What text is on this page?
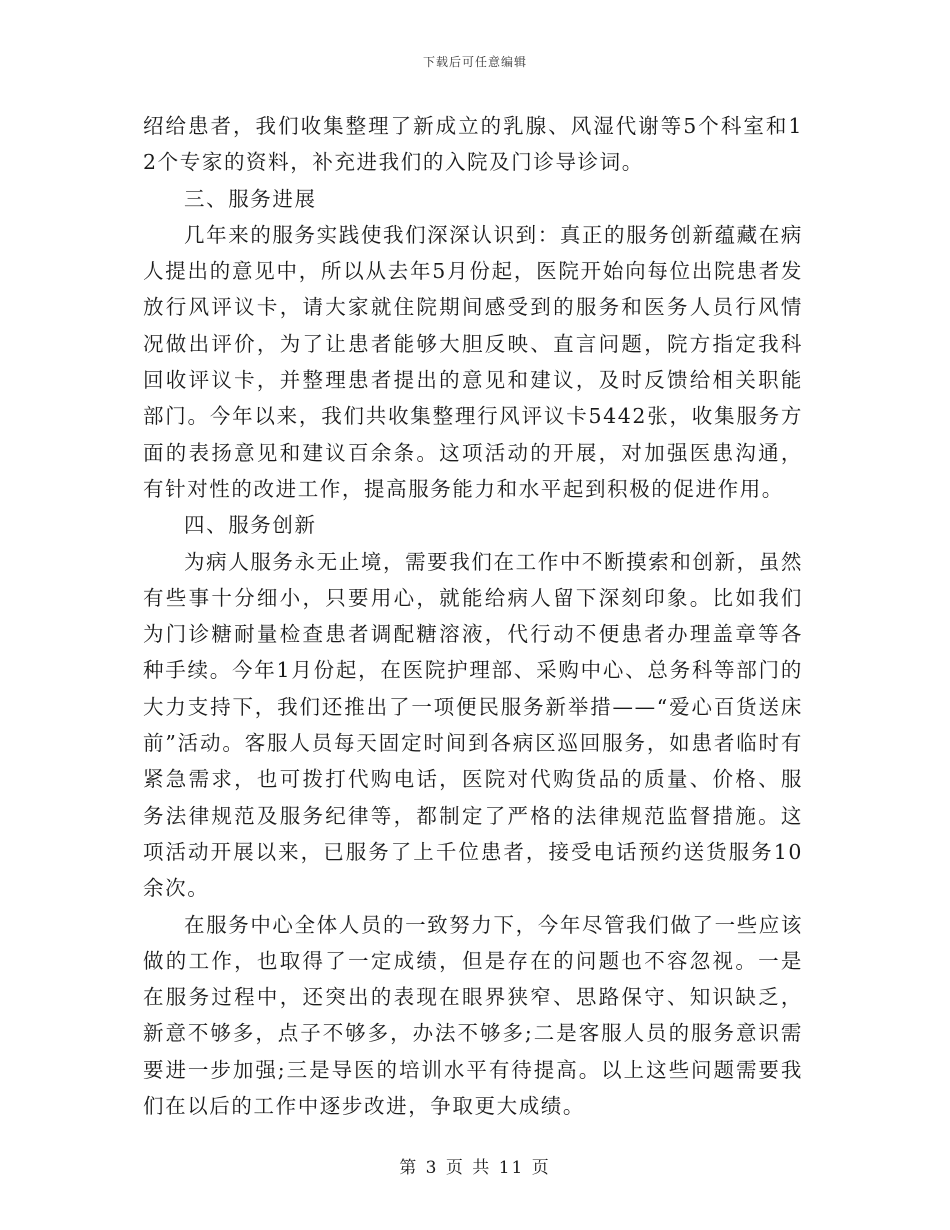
下载后可任意编辑

绍给患者，我们收集整理了新成立的乳腺、风湿代谢等5个科室和12个专家的资料，补充进我们的入院及门诊导诊词。

三、服务进展

几年来的服务实践使我们深深认识到：真正的服务创新蕴藏在病人提出的意见中，所以从去年5月份起，医院开始向每位出院患者发放行风评议卡，请大家就住院期间感受到的服务和医务人员行风情况做出评价，为了让患者能够大胆反映、直言问题，院方指定我科回收评议卡，并整理患者提出的意见和建议，及时反馈给相关职能部门。今年以来，我们共收集整理行风评议卡5442张，收集服务方面的表扬意见和建议百余条。这项活动的开展，对加强医患沟通，有针对性的改进工作，提高服务能力和水平起到积极的促进作用。

四、服务创新

为病人服务永无止境，需要我们在工作中不断摸索和创新，虽然有些事十分细小，只要用心，就能给病人留下深刻印象。比如我们为门诊糖耐量检查患者调配糖溶液，代行动不便患者办理盖章等各种手续。今年1月份起，在医院护理部、采购中心、总务科等部门的大力支持下，我们还推出了一项便民服务新举措——“爱心百货送床前”活动。客服人员每天固定时间到各病区巡回服务，如患者临时有紧急需求，也可拨打代购电话，医院对代购货品的质量、价格、服务法律规范及服务纪律等，都制定了严格的法律规范监督措施。这项活动开展以来，已服务了上千位患者，接受电话预约送货服务10余次。

在服务中心全体人员的一致努力下，今年尽管我们做了一些应该做的工作，也取得了一定成绩，但是存在的问题也不容忽视。一是在服务过程中，还突出的表现在眼界狭窄、思路保守、知识缺乏，新意不够多，点子不够多，办法不够多;二是客服人员的服务意识需要进一步加强;三是导医的培训水平有待提高。以上这些问题需要我们在以后的工作中逐步改进，争取更大成绩。

第 3 页 共 11 页
